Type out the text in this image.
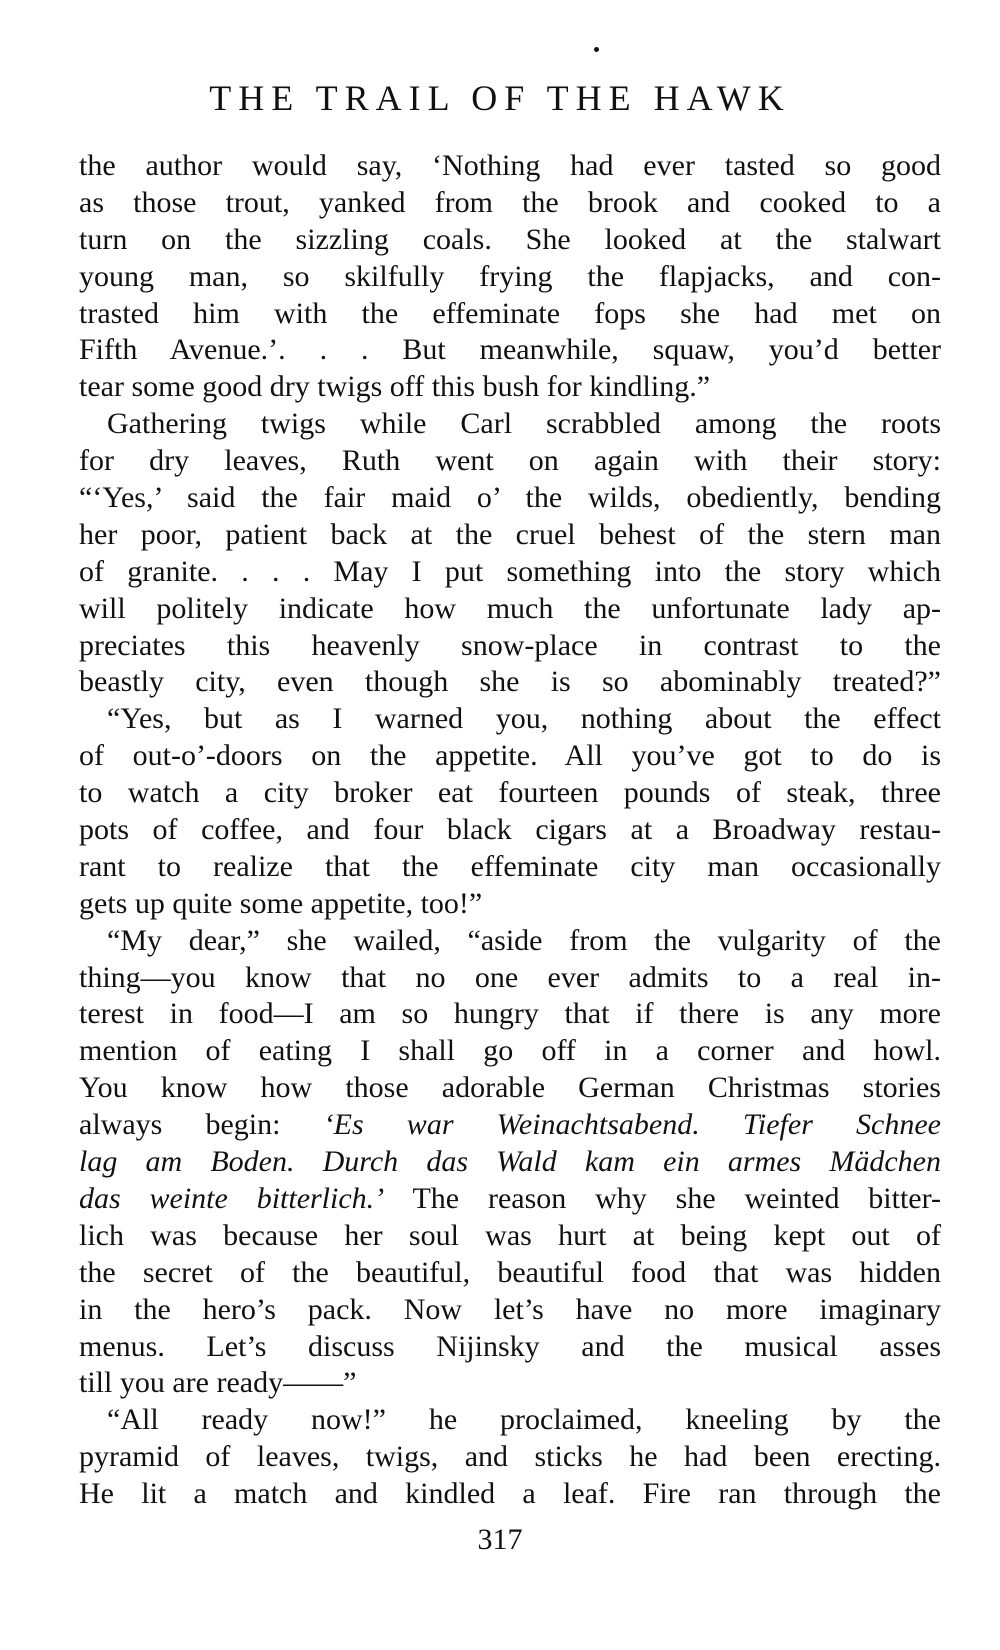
THE TRAIL OF THE HAWK
the author would say, ‘Nothing had ever tasted so good
as those trout, yanked from the brook and cooked to a
turn on the sizzling coals. She looked at the stalwart
young man, so skilfully frying the flapjacks, and con-
trasted him with the effeminate fops she had met on
Fifth Avenue.’. . . But meanwhile, squaw, you’d better
tear some good dry twigs off this bush for kindling.”
Gathering twigs while Carl scrabbled among the roots
for dry leaves, Ruth went on again with their story:
“‘Yes,’ said the fair maid o’ the wilds, obediently, bending
her poor, patient back at the cruel behest of the stern man
of granite. . . . May I put something into the story which
will politely indicate how much the unfortunate lady ap-
preciates this heavenly snow-place in contrast to the
beastly city, even though she is so abominably treated?”
“Yes, but as I warned you, nothing about the effect
of out-o’-doors on the appetite. All you’ve got to do is
to watch a city broker eat fourteen pounds of steak, three
pots of coffee, and four black cigars at a Broadway restau-
rant to realize that the effeminate city man occasionally
gets up quite some appetite, too!”
“My dear,” she wailed, “aside from the vulgarity of the
thing—you know that no one ever admits to a real in-
terest in food—I am so hungry that if there is any more
mention of eating I shall go off in a corner and howl.
You know how those adorable German Christmas stories
always begin: ‘Es war Weinachtsabend. Tiefer Schnee
lag am Boden. Durch das Wald kam ein armes Mädchen
das weinte bitterlich.’ The reason why she weinted bitter-
lich was because her soul was hurt at being kept out of
the secret of the beautiful, beautiful food that was hidden
in the hero’s pack. Now let’s have no more imaginary
menus. Let’s discuss Nijinsky and the musical asses
till you are ready——”
“All ready now!” he proclaimed, kneeling by the
pyramid of leaves, twigs, and sticks he had been erecting.
He lit a match and kindled a leaf. Fire ran through the
317
